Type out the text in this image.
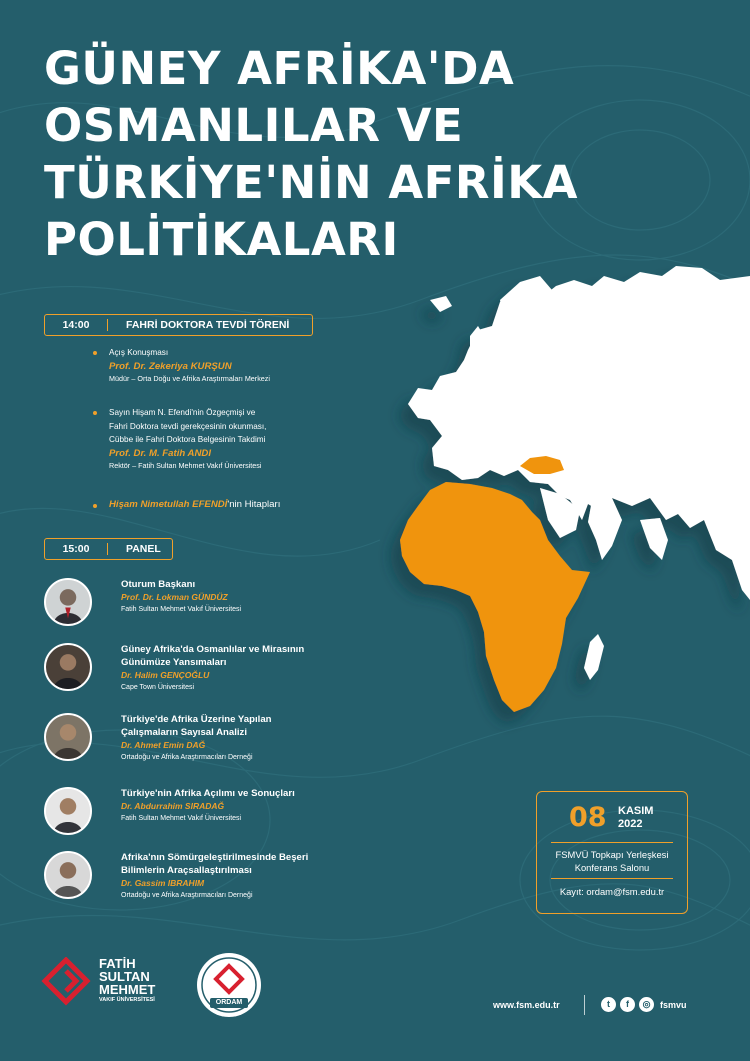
GÜNEY AFRİKA'DA
OSMANLILAR VE
TÜRKİYE'NİN AFRİKA
POLİTİKALARI
14:00	FAHRİ DOKTORA TEVDİ TÖRENİ
Açış Konuşması
Prof. Dr. Zekeriya KURŞUN
Müdür – Orta Doğu ve Afrika Araştırmaları Merkezi
Sayın Hişam N. Efendi'nin Özgeçmişi ve
Fahri Doktora tevdi gerekçesinin okunması,
Cübbe ile Fahri Doktora Belgesinin Takdimi
Prof. Dr. M. Fatih ANDI
Rektör – Fatih Sultan Mehmet Vakıf Üniversitesi
Hişam Nimetullah EFENDİ'nin Hitapları
15:00	PANEL
Oturum Başkanı
Prof. Dr. Lokman GÜNDÜZ
Fatih Sultan Mehmet Vakıf Üniversitesi
Güney Afrika'da Osmanlılar ve Mirasının
Günümüze Yansımaları
Dr. Halim GENÇOĞLU
Cape Town Üniversitesi
Türkiye'de Afrika Üzerine Yapılan
Çalışmaların Sayısal Analizi
Dr. Ahmet Emin DAĞ
Ortadoğu ve Afrika Araştırmacıları Derneği
Türkiye'nin Afrika Açılımı ve Sonuçları
Dr. Abdurrahim SIRADAĞ
Fatih Sultan Mehmet Vakıf Üniversitesi
Afrika'nın Sömürgeleştirilmesinde Beşeri
Bilimlerin Araçsallaştırılması
Dr. Gassim IBRAHIM
Ortadoğu ve Afrika Araştırmacıları Derneği
08 KASIM
2022
FSMVÜ Topkapı Yerleşkesi
Konferans Salonu
Kayıt: ordam@fsm.edu.tr
FATİH
SULTAN
MEHMET
VAKIF ÜNİVERSİTESİ	ORDAM	www.fsm.edu.tr	t	f	◎	fsmvu
